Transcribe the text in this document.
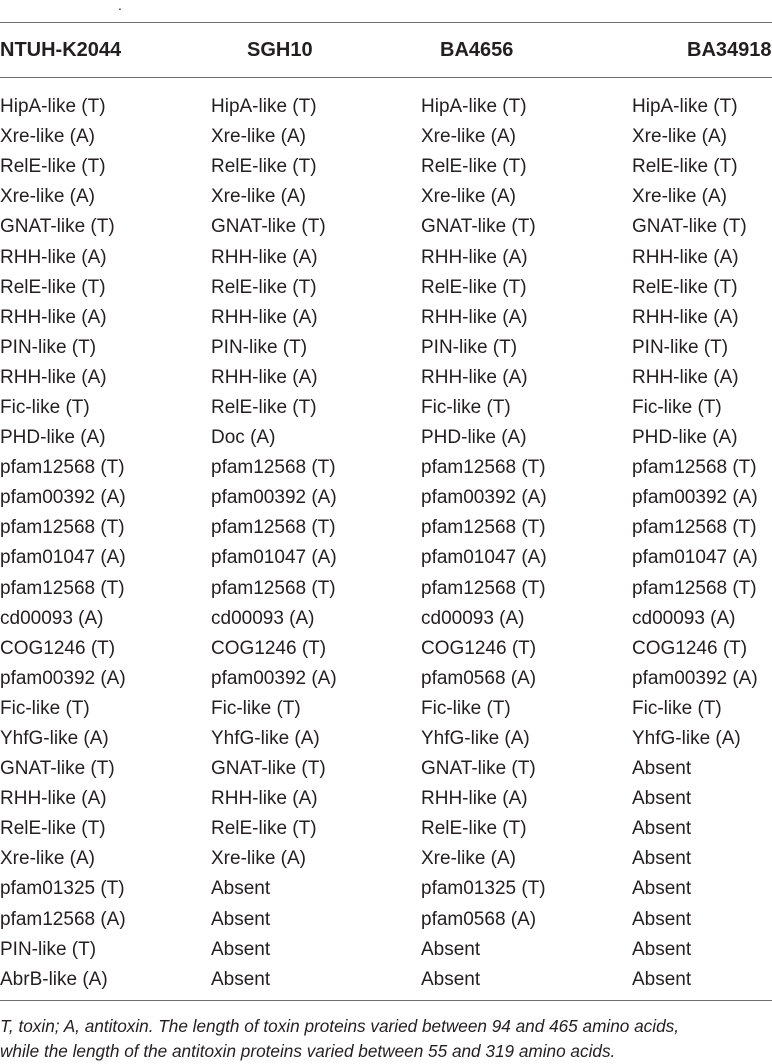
.
NTUH-K2044	SGH10	BA4656	BA34918
HipA-like (T)	HipA-like (T)	HipA-like (T)	HipA-like (T)
Xre-like (A)	Xre-like (A)	Xre-like (A)	Xre-like (A)
RelE-like (T)	RelE-like (T)	RelE-like (T)	RelE-like (T)
Xre-like (A)	Xre-like (A)	Xre-like (A)	Xre-like (A)
GNAT-like (T)	GNAT-like (T)	GNAT-like (T)	GNAT-like (T)
RHH-like (A)	RHH-like (A)	RHH-like (A)	RHH-like (A)
RelE-like (T)	RelE-like (T)	RelE-like (T)	RelE-like (T)
RHH-like (A)	RHH-like (A)	RHH-like (A)	RHH-like (A)
PIN-like (T)	PIN-like (T)	PIN-like (T)	PIN-like (T)
RHH-like (A)	RHH-like (A)	RHH-like (A)	RHH-like (A)
Fic-like (T)	RelE-like (T)	Fic-like (T)	Fic-like (T)
PHD-like (A)	Doc (A)	PHD-like (A)	PHD-like (A)
pfam12568 (T)	pfam12568 (T)	pfam12568 (T)	pfam12568 (T)
pfam00392 (A)	pfam00392 (A)	pfam00392 (A)	pfam00392 (A)
pfam12568 (T)	pfam12568 (T)	pfam12568 (T)	pfam12568 (T)
pfam01047 (A)	pfam01047 (A)	pfam01047 (A)	pfam01047 (A)
pfam12568 (T)	pfam12568 (T)	pfam12568 (T)	pfam12568 (T)
cd00093 (A)	cd00093 (A)	cd00093 (A)	cd00093 (A)
COG1246 (T)	COG1246 (T)	COG1246 (T)	COG1246 (T)
pfam00392 (A)	pfam00392 (A)	pfam0568 (A)	pfam00392 (A)
Fic-like (T)	Fic-like (T)	Fic-like (T)	Fic-like (T)
YhfG-like (A)	YhfG-like (A)	YhfG-like (A)	YhfG-like (A)
GNAT-like (T)	GNAT-like (T)	GNAT-like (T)	Absent
RHH-like (A)	RHH-like (A)	RHH-like (A)	Absent
RelE-like (T)	RelE-like (T)	RelE-like (T)	Absent
Xre-like (A)	Xre-like (A)	Xre-like (A)	Absent
pfam01325 (T)	Absent	pfam01325 (T)	Absent
pfam12568 (A)	Absent	pfam0568 (A)	Absent
PIN-like (T)	Absent	Absent	Absent
AbrB-like (A)	Absent	Absent	Absent
T, toxin; A, antitoxin. The length of toxin proteins varied between 94 and 465 amino acids,
while the length of the antitoxin proteins varied between 55 and 319 amino acids.
